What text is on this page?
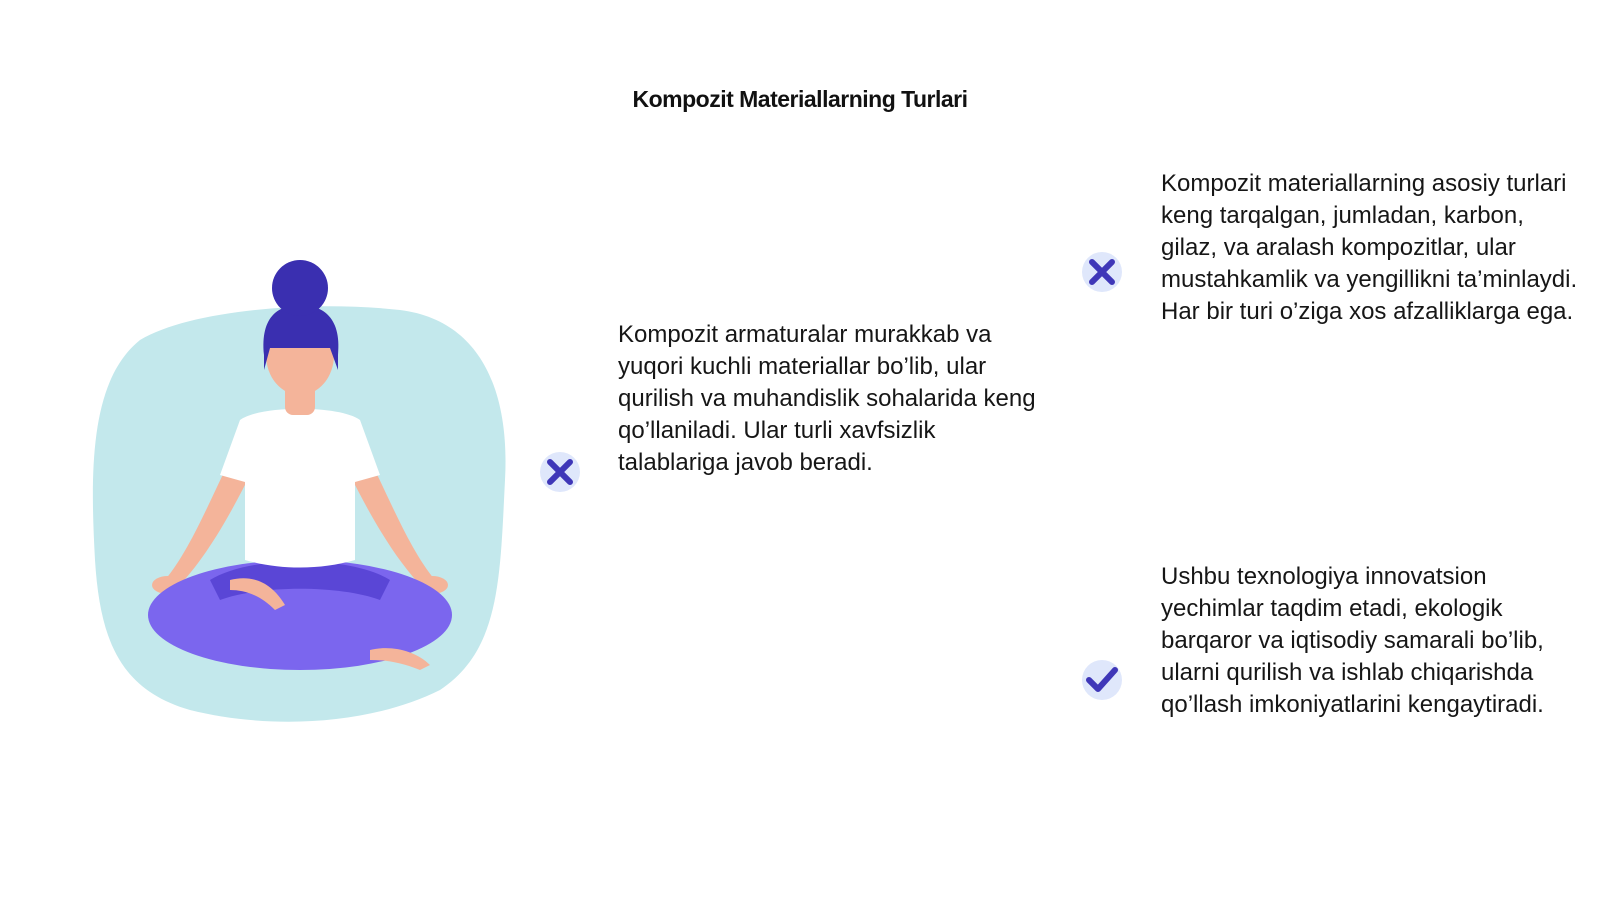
Kompozit Materiallarning Turlari
Kompozit armaturalar murakkab va yuqori kuchli materiallar bo’lib, ular qurilish va muhandislik sohalarida keng qo’llaniladi. Ular turli xavfsizlik talablariga javob beradi.
Kompozit materiallarning asosiy turlari keng tarqalgan, jumladan, karbon, gilaz, va aralash kompozitlar, ular mustahkamlik va yengillikni ta’minlaydi. Har bir turi o’ziga xos afzalliklarga ega.
Ushbu texnologiya innovatsion yechimlar taqdim etadi, ekologik barqaror va iqtisodiy samarali bo’lib, ularni qurilish va ishlab chiqarishda qo’llash imkoniyatlarini kengaytiradi.
